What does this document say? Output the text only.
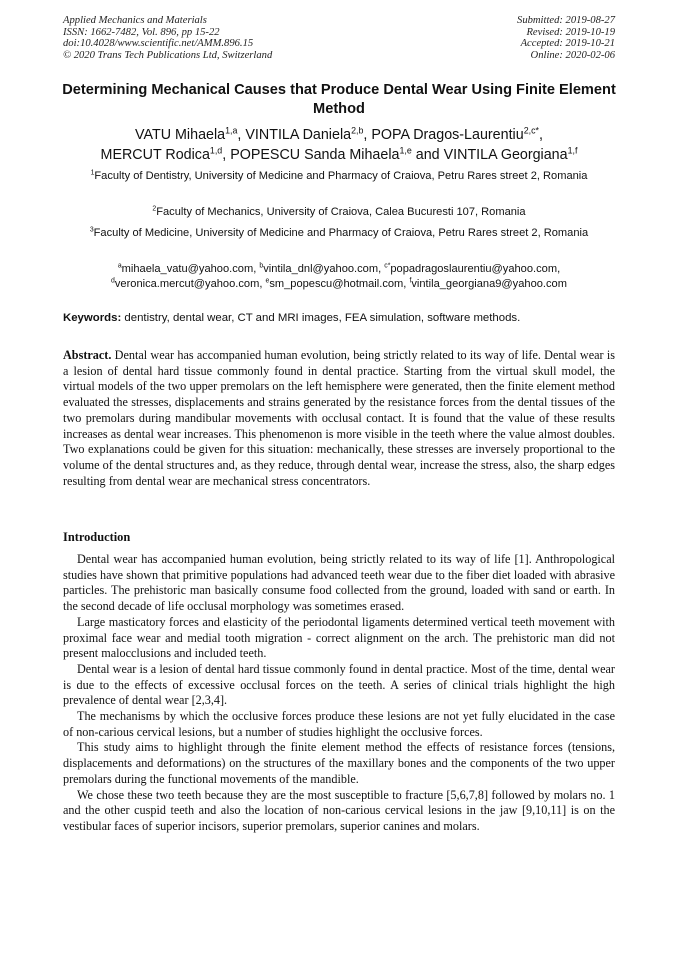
Applied Mechanics and Materials
ISSN: 1662-7482, Vol. 896, pp 15-22
doi:10.4028/www.scientific.net/AMM.896.15
© 2020 Trans Tech Publications Ltd, Switzerland
Submitted: 2019-08-27
Revised: 2019-10-19
Accepted: 2019-10-21
Online: 2020-02-06
Determining Mechanical Causes that Produce Dental Wear Using Finite Element Method
VATU Mihaela$^{1,a}$, VINTILA Daniela$^{2,b}$, POPA Dragos-Laurentiu$^{2,c*}$,
MERCUT Rodica$^{1,d}$, POPESCU Sanda Mihaela$^{1,e}$ and VINTILA Georgiana$^{1,f}$
$^1$Faculty of Dentistry, University of Medicine and Pharmacy of Craiova, Petru Rares street 2, Romania
$^2$Faculty of Mechanics, University of Craiova, Calea Bucuresti 107, Romania
$^3$Faculty of Medicine, University of Medicine and Pharmacy of Craiova, Petru Rares street 2, Romania
$^a$mihaela_vatu@yahoo.com, $^b$vintila_dnl@yahoo.com, $^{c*}$popadragoslaurentiu@yahoo.com,
$^d$veronica.mercut@yahoo.com, $^e$sm_popescu@hotmail.com, $^f$vintila_georgiana9@yahoo.com
Keywords: dentistry, dental wear, CT and MRI images, FEA simulation, software methods.
Abstract. Dental wear has accompanied human evolution, being strictly related to its way of life. Dental wear is a lesion of dental hard tissue commonly found in dental practice. Starting from the virtual skull model, the virtual models of the two upper premolars on the left hemisphere were generated, then the finite element method evaluated the stresses, displacements and strains generated by the resistance forces from the dental tissues of the two premolars during mandibular movements with occlusal contact. It is found that the value of these results increases as dental wear increases. This phenomenon is more visible in the teeth where the value almost doubles. Two explanations could be given for this situation: mechanically, these stresses are inversely proportional to the volume of the dental structures and, as they reduce, through dental wear, increase the stress, also, the sharp edges resulting from dental wear are mechanical stress concentrators.
Introduction

Dental wear has accompanied human evolution, being strictly related to its way of life [1]. Anthropological studies have shown that primitive populations had advanced teeth wear due to the fiber diet loaded with abrasive particles. The prehistoric man basically consume food collected from the ground, loaded with sand or earth. In the second decade of life occlusal morphology was sometimes erased.

Large masticatory forces and elasticity of the periodontal ligaments determined vertical teeth movement with proximal face wear and medial tooth migration - correct alignment on the arch. The prehistoric man did not present malocclusions and included teeth.

Dental wear is a lesion of dental hard tissue commonly found in dental practice. Most of the time, dental wear is due to the effects of excessive occlusal forces on the teeth. A series of clinical trials highlight the high prevalence of dental wear [2,3,4].

The mechanisms by which the occlusive forces produce these lesions are not yet fully elucidated in the case of non-carious cervical lesions, but a number of studies highlight the occlusive forces.

This study aims to highlight through the finite element method the effects of resistance forces (tensions, displacements and deformations) on the structures of the maxillary bones and the components of the two upper premolars during the functional movements of the mandible.

We chose these two teeth because they are the most susceptible to fracture [5,6,7,8] followed by molars no. 1 and the other cuspid teeth and also the location of non-carious cervical lesions in the jaw [9,10,11] is on the vestibular faces of superior incisors, superior premolars, superior canines and molars.
